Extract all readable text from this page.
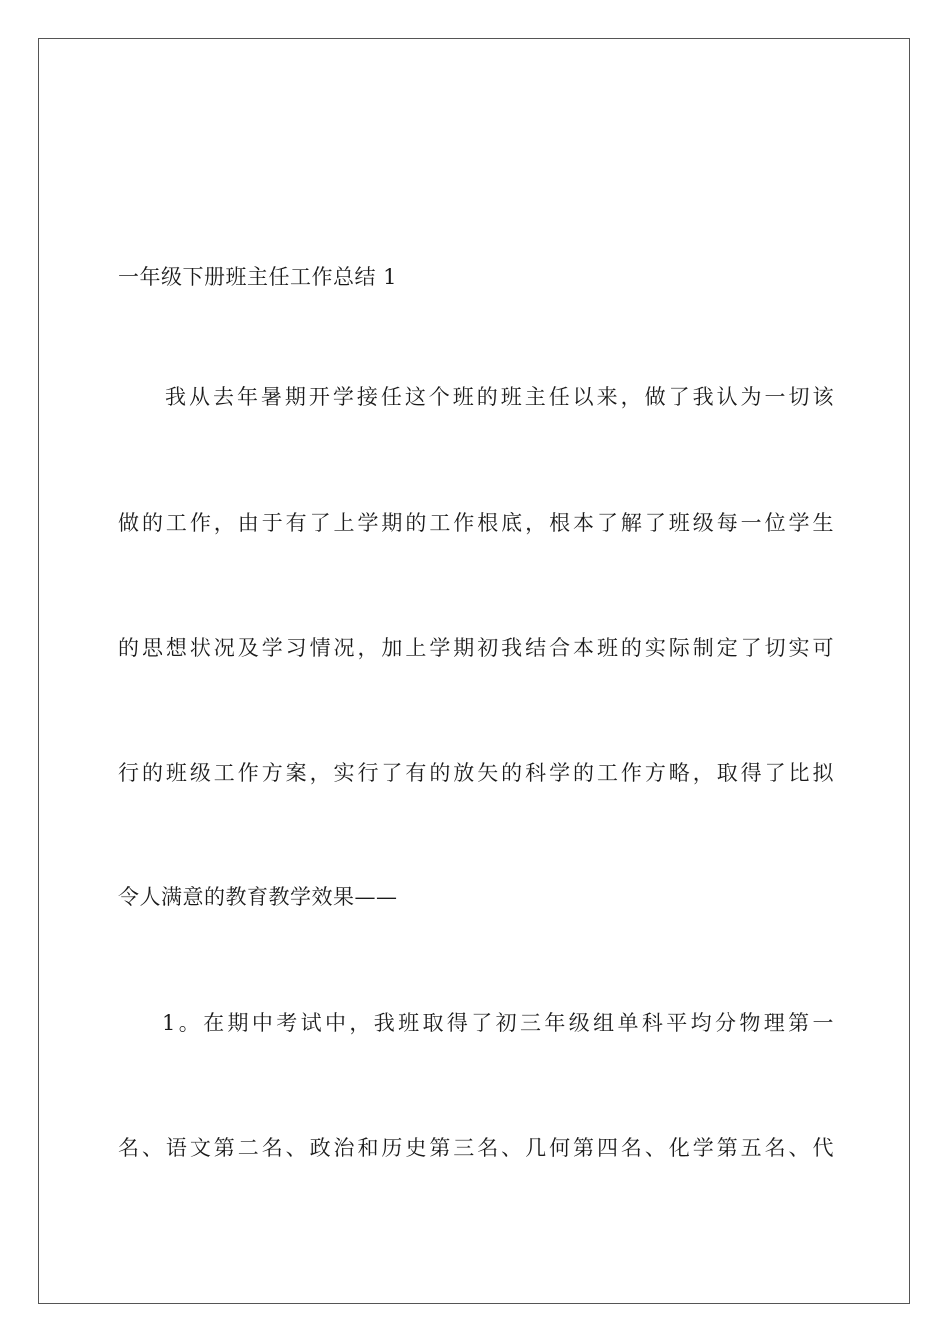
一年级下册班主任工作总结 1
我从去年暑期开学接任这个班的班主任以来，做了我认为一切该
做的工作，由于有了上学期的工作根底，根本了解了班级每一位学生
的思想状况及学习情况，加上学期初我结合本班的实际制定了切实可
行的班级工作方案，实行了有的放矢的科学的工作方略，取得了比拟
令人满意的教育教学效果——
1。在期中考试中，我班取得了初三年级组单科平均分物理第一
名、语文第二名、政治和历史第三名、几何第四名、化学第五名、代
